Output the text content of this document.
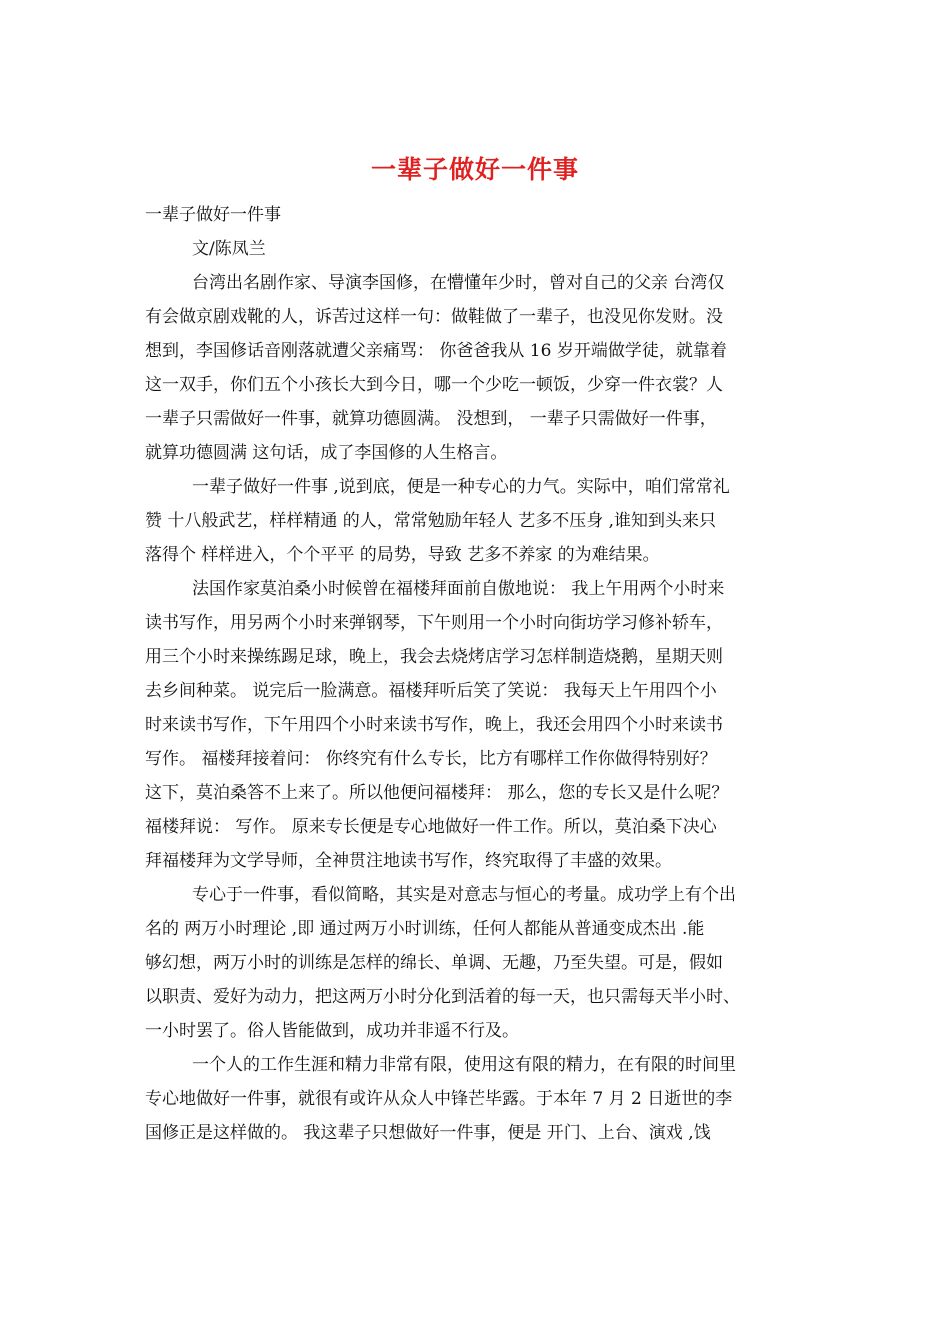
一辈子做好一件事

一辈子做好一件事

文/陈凤兰

台湾出名剧作家、导演李国修，在懵懂年少时，曾对自己的父亲 台湾仅
有会做京剧戏靴的人，诉苦过这样一句：做鞋做了一辈子，也没见你发财。没
想到，李国修话音刚落就遭父亲痛骂： 你爸爸我从 16 岁开端做学徒，就靠着
这一双手，你们五个小孩长大到今日，哪一个少吃一顿饭，少穿一件衣裳？人
一辈子只需做好一件事，就算功德圆满。 没想到， 一辈子只需做好一件事，
就算功德圆满 这句话，成了李国修的人生格言。

一辈子做好一件事 ,说到底，便是一种专心的力气。实际中，咱们常常礼
赞 十八般武艺，样样精通 的人，常常勉励年轻人 艺多不压身 ,谁知到头来只
落得个 样样进入，个个平平 的局势，导致 艺多不养家 的为难结果。

法国作家莫泊桑小时候曾在福楼拜面前自傲地说： 我上午用两个小时来
读书写作，用另两个小时来弹钢琴，下午则用一个小时向街坊学习修补轿车，
用三个小时来操练踢足球，晚上，我会去烧烤店学习怎样制造烧鹅，星期天则
去乡间种菜。 说完后一脸满意。福楼拜听后笑了笑说： 我每天上午用四个小
时来读书写作，下午用四个小时来读书写作，晚上，我还会用四个小时来读书
写作。 福楼拜接着问： 你终究有什么专长，比方有哪样工作你做得特别好？
这下，莫泊桑答不上来了。所以他便问福楼拜： 那么，您的专长又是什么呢？
福楼拜说： 写作。 原来专长便是专心地做好一件工作。所以，莫泊桑下决心
拜福楼拜为文学导师，全神贯注地读书写作，终究取得了丰盛的效果。

专心于一件事，看似简略，其实是对意志与恒心的考量。成功学上有个出
名的 两万小时理论 ,即 通过两万小时训练，任何人都能从普通变成杰出 .能
够幻想，两万小时的训练是怎样的绵长、单调、无趣，乃至失望。可是，假如
以职责、爱好为动力，把这两万小时分化到活着的每一天，也只需每天半小时、
一小时罢了。俗人皆能做到，成功并非遥不行及。

一个人的工作生涯和精力非常有限，使用这有限的精力，在有限的时间里
专心地做好一件事，就很有或许从众人中锋芒毕露。于本年 7 月 2 日逝世的李
国修正是这样做的。 我这辈子只想做好一件事，便是 开门、上台、演戏 ,饯
